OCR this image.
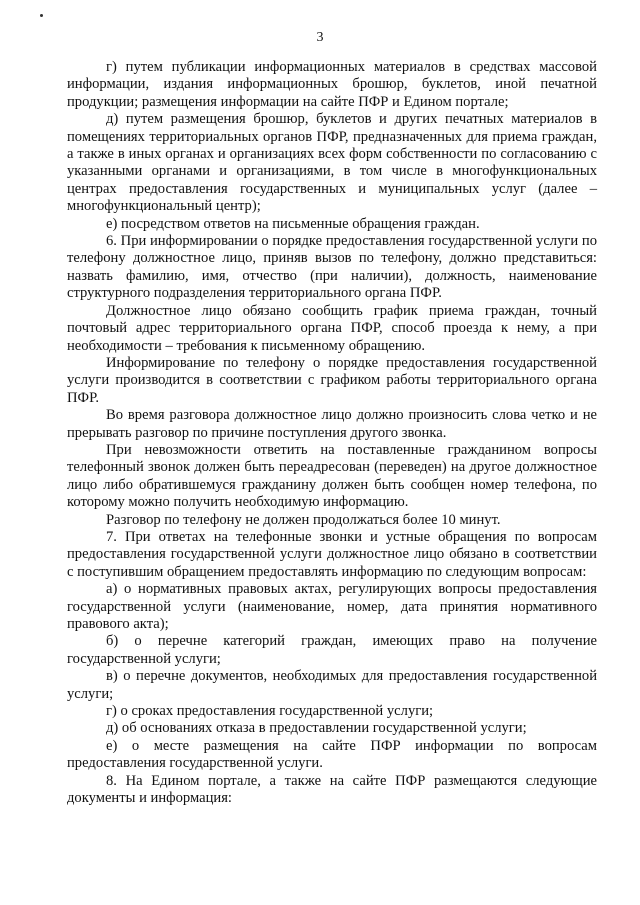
3

г) путем публикации информационных материалов в средствах массовой информации, издания информационных брошюр, буклетов, иной печатной продукции; размещения информации на сайте ПФР и Едином портале;

д) путем размещения брошюр, буклетов и других печатных материалов в помещениях территориальных органов ПФР, предназначенных для приема граждан, а также в иных органах и организациях всех форм собственности по согласованию с указанными органами и организациями, в том числе в многофункциональных центрах предоставления государственных и муниципальных услуг (далее – многофункциональный центр);

е) посредством ответов на письменные обращения граждан.

6. При информировании о порядке предоставления государственной услуги по телефону должностное лицо, приняв вызов по телефону, должно представиться: назвать фамилию, имя, отчество (при наличии), должность, наименование структурного подразделения территориального органа ПФР.

Должностное лицо обязано сообщить график приема граждан, точный почтовый адрес территориального органа ПФР, способ проезда к нему, а при необходимости – требования к письменному обращению.

Информирование по телефону о порядке предоставления государственной услуги производится в соответствии с графиком работы территориального органа ПФР.

Во время разговора должностное лицо должно произносить слова четко и не прерывать разговор по причине поступления другого звонка.

При невозможности ответить на поставленные гражданином вопросы телефонный звонок должен быть переадресован (переведен) на другое должностное лицо либо обратившемуся гражданину должен быть сообщен номер телефона, по которому можно получить необходимую информацию.

Разговор по телефону не должен продолжаться более 10 минут.

7. При ответах на телефонные звонки и устные обращения по вопросам предоставления государственной услуги должностное лицо обязано в соответствии с поступившим обращением предоставлять информацию по следующим вопросам:

а) о нормативных правовых актах, регулирующих вопросы предоставления государственной услуги (наименование, номер, дата принятия нормативного правового акта);

б) о перечне категорий граждан, имеющих право на получение государственной услуги;

в) о перечне документов, необходимых для предоставления государственной услуги;

г) о сроках предоставления государственной услуги;

д) об основаниях отказа в предоставлении государственной услуги;

е) о месте размещения на сайте ПФР информации по вопросам предоставления государственной услуги.

8. На Едином портале, а также на сайте ПФР размещаются следующие документы и информация:
